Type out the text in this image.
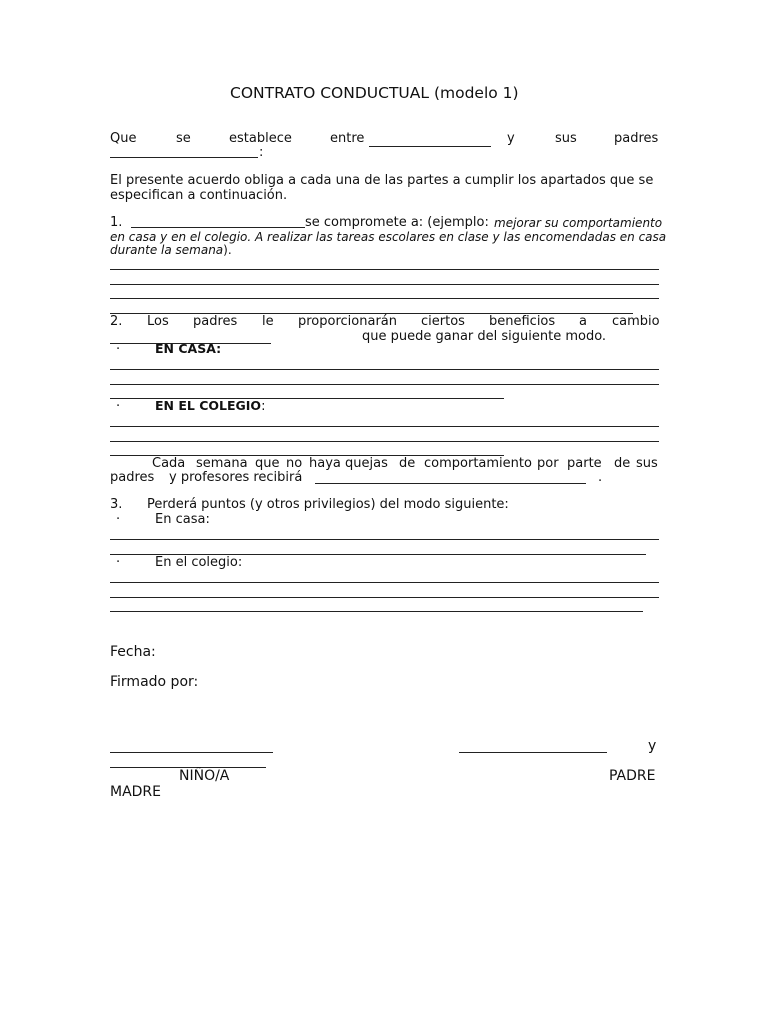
CONTRATO CONDUCTUAL (modelo 1)
Que	se	establece	entre	y	sus	padres
:
El presente acuerdo obliga a cada una de las partes a cumplir los apartados que se
especifican a continuación.
1.	se compromete a: (ejemplo: mejorar su comportamiento
en casa y en el colegio. A realizar las tareas escolares en clase y las encomendadas en casa
durante la semana).
2. Los padres le proporcionarán ciertos beneficios a cambio
que puede ganar del siguiente modo.
·	EN CASA:
·	EN EL COLEGIO:
Cada semana que no haya quejas de comportamiento por parte de sus
padres y profesores recibirá	.
3. Perderá puntos (y otros privilegios) del modo siguiente:
·	En casa:
·	En el colegio:
Fecha:
Firmado por:
y
NIÑO/A	PADRE
MADRE
